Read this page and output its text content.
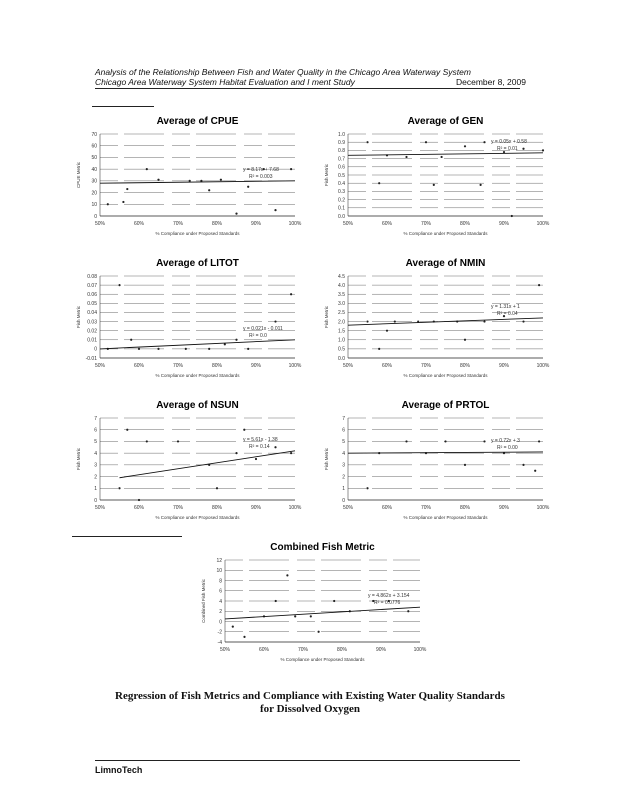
Analysis of the Relationship Between Fish and Water Quality in the Chicago Area Waterway System
Chicago Area Waterway System Habitat Evaluation and I ment Study	December 8, 2009
Average of CPUE
0
10
20
30
40
50
60
70
50%	60%	70%	80%	90%	100%
% Compliance under Proposed Standards
CPUE Metric	y = 8.17x + 7.68
R² = 0.003
Average of GEN
0.0
0.1
0.2
0.3
0.4
0.5
0.6
0.7
0.8
0.9
1.0
50%	60%	70%	80%	90%	100%
% Compliance under Proposed Standards
Fish Metric
y = 0.05x + 0.58
R² = 0.01
Average of LITOT
-0.01
0
0.01
0.02
0.03
0.04
0.05
0.06
0.07
0.08
50%	60%	70%	80%	90%	100%
% Compliance under Proposed Standards
Fish Metric
y = 0.021x - 0.011
R² = 0.0
Average of NMIN
0.0
0.5
1.0
1.5
2.0
2.5
3.0
3.5
4.0
4.5
50%	60%	70%	80%	90%	100%
% Compliance under Proposed Standards
Fish Metric	y = 1.31x + 1
R² = 0.04
Average of NSUN
0
1
2
3
4
5
6
7
50%	60%	70%	80%	90%	100%
% Compliance under Proposed Standards
Fish Metric
y = 5.61x - 1.38
R² = 0.14
Average of PRTOL
0
1
2
3
4
5
6
7
50%	60%	70%	80%	90%	100%
% Compliance under Proposed Standards
Fish Metric
y = 0.72x + 3
R² = 0.00
Combined Fish Metric
-4
-2
0
2
4
6
8
10
12
50%	60%	70%	80%	90%	100%
% Compliance under Proposed Standards
Combined Fish Metric	y = 4.862x + 3.154
R² = 0.0776
Regression of Fish Metrics and Compliance with Existing Water Quality Standards
for Dissolved Oxygen
LimnoTech
